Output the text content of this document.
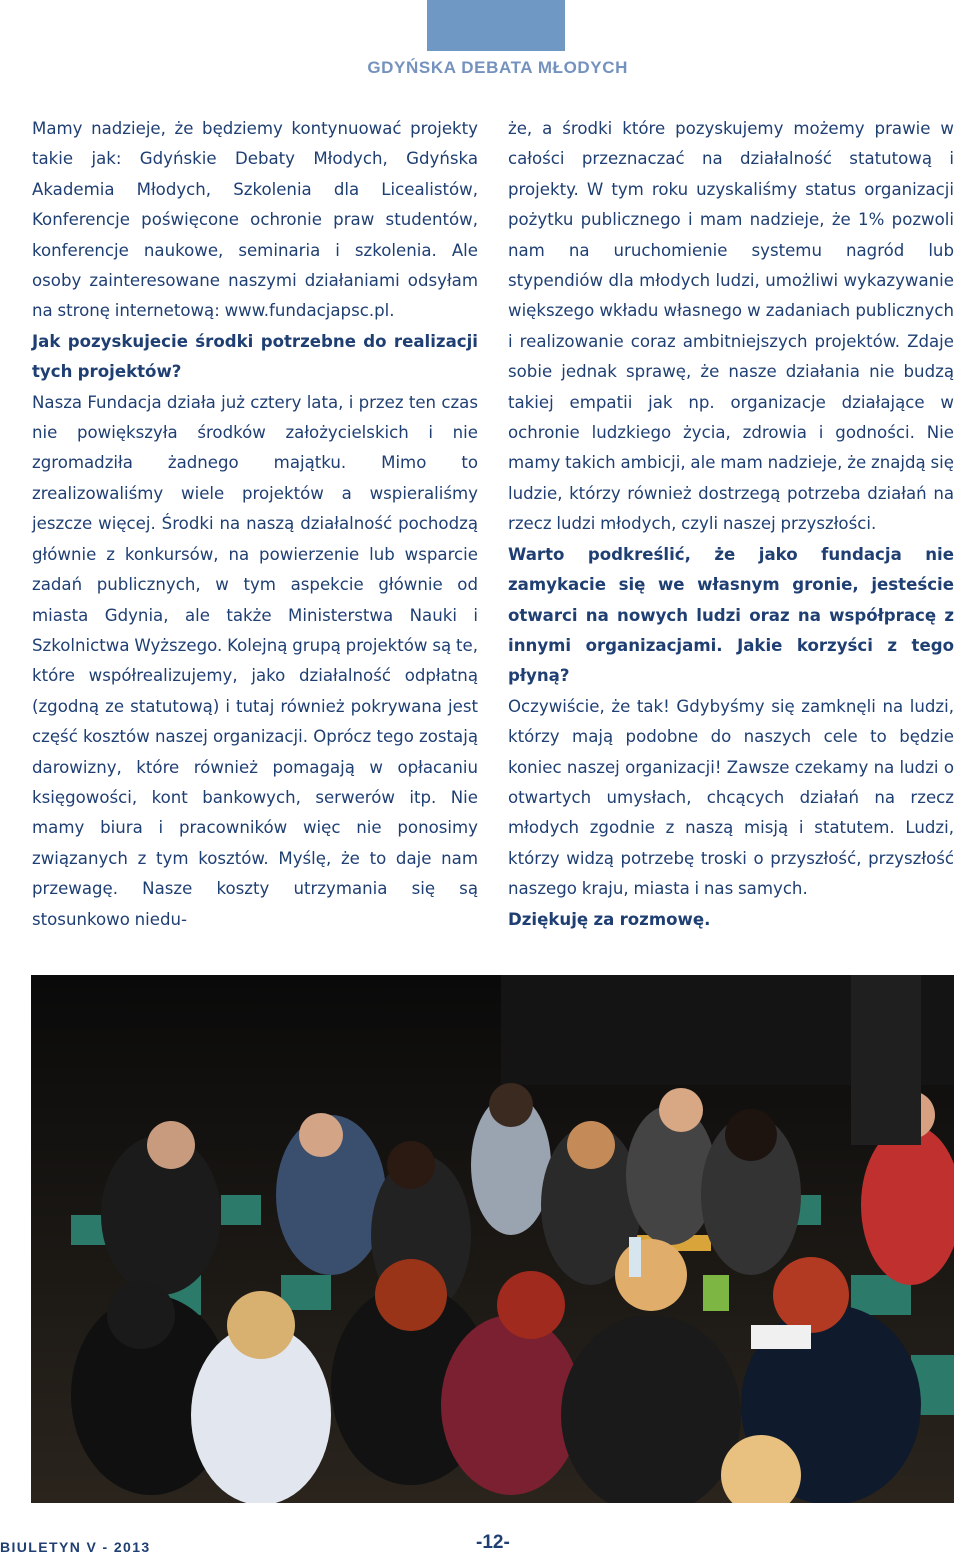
GDYŃSKA DEBATA MŁODYCH

Mamy nadzieje, że będziemy kontynuować projekty takie jak: Gdyńskie Debaty Młodych, Gdyńska Akademia Młodych, Szkolenia dla Licealistów, Konferencje poświęcone ochronie praw studentów, konferencje naukowe, seminaria i szkolenia. Ale osoby zainteresowane naszymi działaniami odsyłam na stronę internetową: www.fundacjapsc.pl.

Jak pozyskujecie środki potrzebne do realizacji tych projektów?

Nasza Fundacja działa już cztery lata, i przez ten czas nie powiększyła środków założycielskich i nie zgromadziła żadnego majątku. Mimo to zrealizowaliśmy wiele projektów a wspieraliśmy jeszcze więcej. Środki na naszą działalność pochodzą głównie z konkursów, na powierzenie lub wsparcie zadań publicznych, w tym aspekcie głównie od miasta Gdynia, ale także Ministerstwa Nauki i Szkolnictwa Wyższego. Kolejną grupą projektów są te, które współrealizujemy, jako działalność odpłatną (zgodną ze statutową) i tutaj również pokrywana jest część kosztów naszej organizacji. Oprócz tego zostają darowizny, które również pomagają w opłacaniu księgowości, kont bankowych, serwerów itp. Nie mamy biura i pracowników więc nie ponosimy związanych z tym kosztów. Myślę, że to daje nam przewagę. Nasze koszty utrzymania się są stosunkowo niedu-

że, a środki które pozyskujemy możemy prawie w całości przeznaczać na działalność statutową i projekty. W tym roku uzyskaliśmy status organizacji pożytku publicznego i mam nadzieje, że 1% pozwoli nam na uruchomienie systemu nagród lub stypendiów dla młodych ludzi, umożliwi wykazywanie większego wkładu własnego w zadaniach publicznych i realizowanie coraz ambitniejszych projektów. Zdaje sobie jednak sprawę, że nasze działania nie budzą takiej empatii jak np. organizacje działające w ochronie ludzkiego życia, zdrowia i godności. Nie mamy takich ambicji, ale mam nadzieje, że znajdą się ludzie, którzy również dostrzegą potrzeba działań na rzecz ludzi młodych, czyli naszej przyszłości.

Warto podkreślić, że jako fundacja nie zamykacie się we własnym gronie, jesteście otwarci na nowych ludzi oraz na współpracę z innymi organizacjami. Jakie korzyści z tego płyną?

Oczywiście, że tak! Gdybyśmy się zamknęli na ludzi, którzy mają podobne do naszych cele to będzie koniec naszej organizacji! Zawsze czekamy na ludzi o otwartych umysłach, chcących działań na rzecz młodych zgodnie z naszą misją i statutem. Ludzi, którzy widzą potrzebę troski o przyszłość, przyszłość naszego kraju, miasta i nas samych.

Dziękuję za rozmowę.

BIULETYN V - 2013	-12-
